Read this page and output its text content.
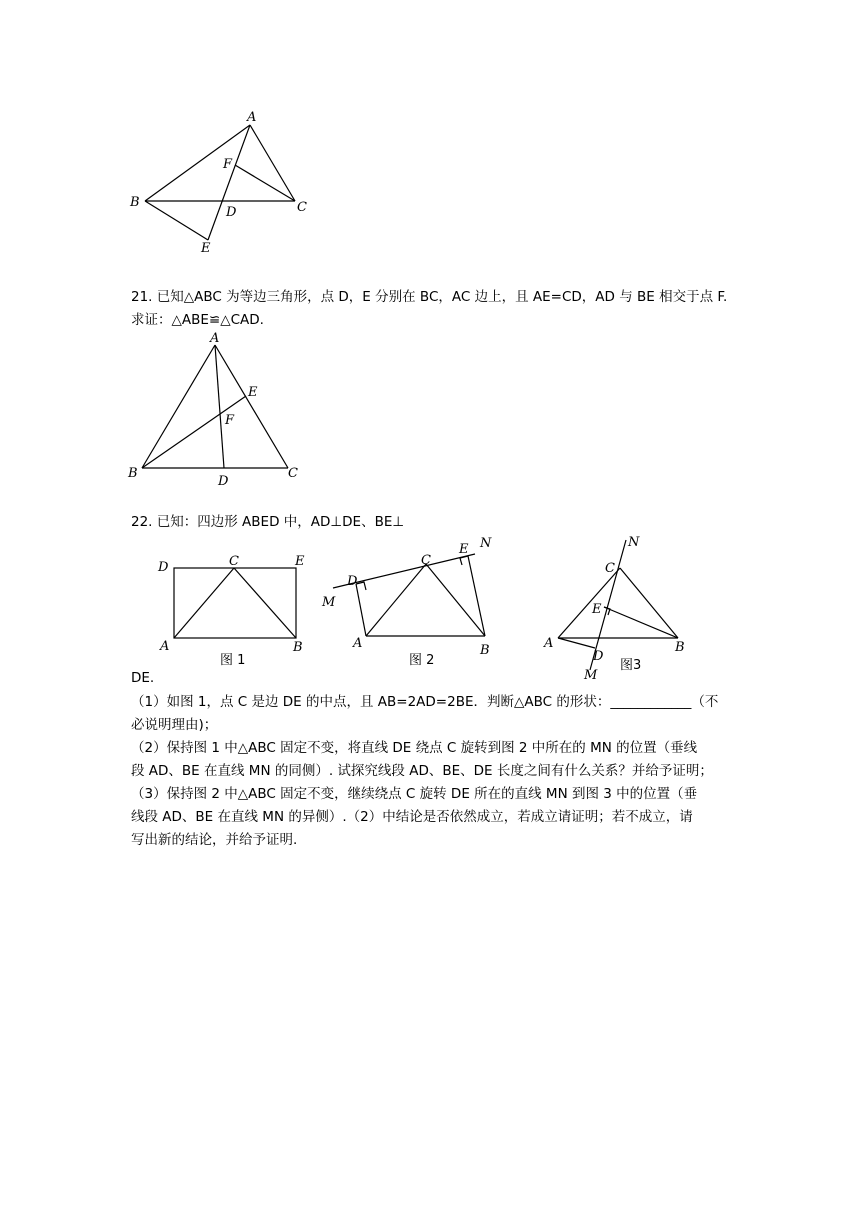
A
B	C
D
E
F
21. 已知△ABC 为等边三角形，点 D，E 分别在 BC，AC 边上，且 AE=CD，AD 与 BE 相交于点 F.
求证：△ABE≌△CAD.
A
B	C
D
E
F
22. 已知：四边形 ABED 中，AD⊥DE、BE⊥
D	C	E
A	B
图 1
M
D
C
E N
A	B
图 2
N
C
E
A	B
D
M
图3
DE.
（1）如图 1，点 C 是边 DE 的中点，且 AB=2AD=2BE．判断△ABC 的形状：____________（不
必说明理由)；
（2）保持图 1 中△ABC 固定不变，将直线 DE 绕点 C 旋转到图 2 中所在的 MN 的位置（垂线
段 AD、BE 在直线 MN 的同侧）. 试探究线段 AD、BE、DE 长度之间有什么关系？并给予证明；
（3）保持图 2 中△ABC 固定不变，继续绕点 C 旋转 DE 所在的直线 MN 到图 3 中的位置（垂
线段 AD、BE 在直线 MN 的异侧）.（2）中结论是否依然成立，若成立请证明；若不成立，请
写出新的结论，并给予证明.
